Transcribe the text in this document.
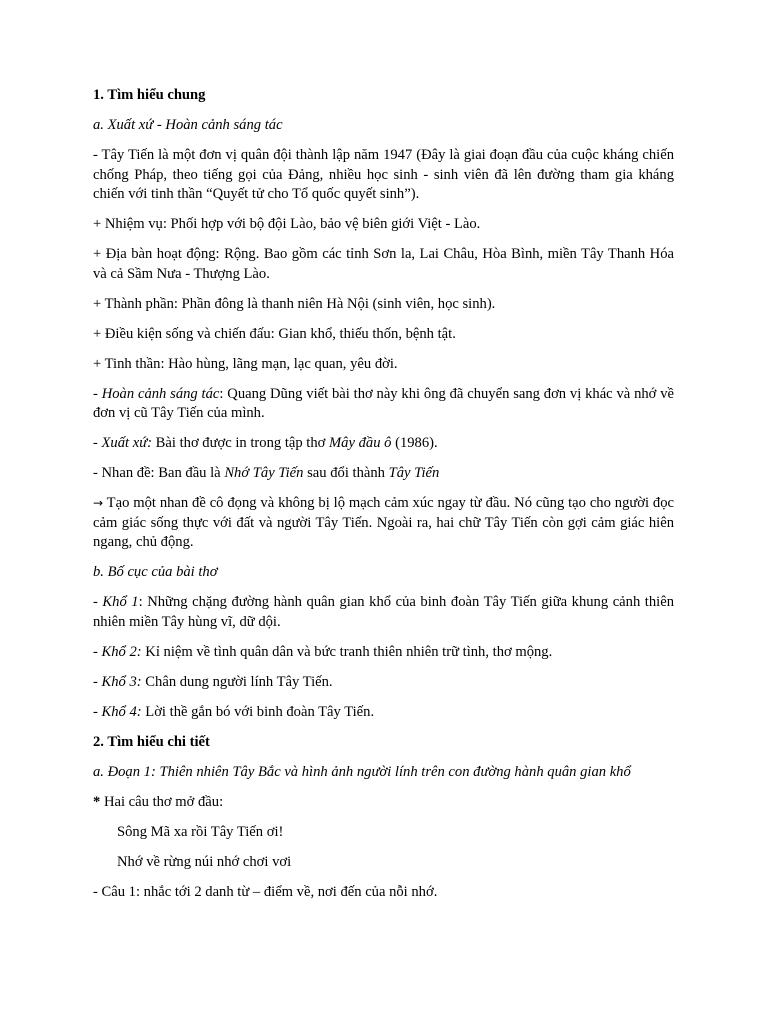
1. Tìm hiểu chung

a. Xuất xứ - Hoàn cảnh sáng tác

- Tây Tiến là một đơn vị quân đội thành lập năm 1947 (Đây là giai đoạn đầu của cuộc kháng chiến chống Pháp, theo tiếng gọi của Đảng, nhiều học sinh - sinh viên đã lên đường tham gia kháng chiến với tinh thần “Quyết tử cho Tổ quốc quyết sinh”).

+ Nhiệm vụ: Phối hợp với bộ đội Lào, bảo vệ biên giới Việt - Lào.

+ Địa bàn hoạt động: Rộng. Bao gồm các tỉnh Sơn la, Lai Châu, Hòa Bình, miền Tây Thanh Hóa và cả Sầm Nưa - Thượng Lào.

+ Thành phần: Phần đông là thanh niên Hà Nội (sinh viên, học sinh).

+ Điều kiện sống và chiến đấu: Gian khổ, thiếu thốn, bệnh tật.

+ Tinh thần: Hào hùng, lãng mạn, lạc quan, yêu đời.

- Hoàn cảnh sáng tác: Quang Dũng viết bài thơ này khi ông đã chuyển sang đơn vị khác và nhớ về đơn vị cũ Tây Tiến của mình.

- Xuất xứ: Bài thơ được in trong tập thơ Mây đầu ô (1986).

- Nhan đề: Ban đầu là Nhớ Tây Tiến sau đổi thành Tây Tiến

→ Tạo một nhan đề cô đọng và không bị lộ mạch cảm xúc ngay từ đầu. Nó cũng tạo cho người đọc cảm giác sống thực với đất và người Tây Tiến. Ngoài ra, hai chữ Tây Tiến còn gợi cảm giác hiên ngang, chủ động.

b. Bố cục của bài thơ

- Khổ 1: Những chặng đường hành quân gian khổ của binh đoàn Tây Tiến giữa khung cảnh thiên nhiên miền Tây hùng vĩ, dữ dội.

- Khổ 2: Kỉ niệm về tình quân dân và bức tranh thiên nhiên trữ tình, thơ mộng.

- Khổ 3: Chân dung người lính Tây Tiến.

- Khổ 4: Lời thề gắn bó với binh đoàn Tây Tiến.

2. Tìm hiểu chi tiết

a. Đoạn 1: Thiên nhiên Tây Bắc và hình ảnh người lính trên con đường hành quân gian khổ

* Hai câu thơ mở đầu:

Sông Mã xa rồi Tây Tiến ơi!

Nhớ về rừng núi nhớ chơi vơi

- Câu 1: nhắc tới 2 danh từ – điểm về, nơi đến của nỗi nhớ.
